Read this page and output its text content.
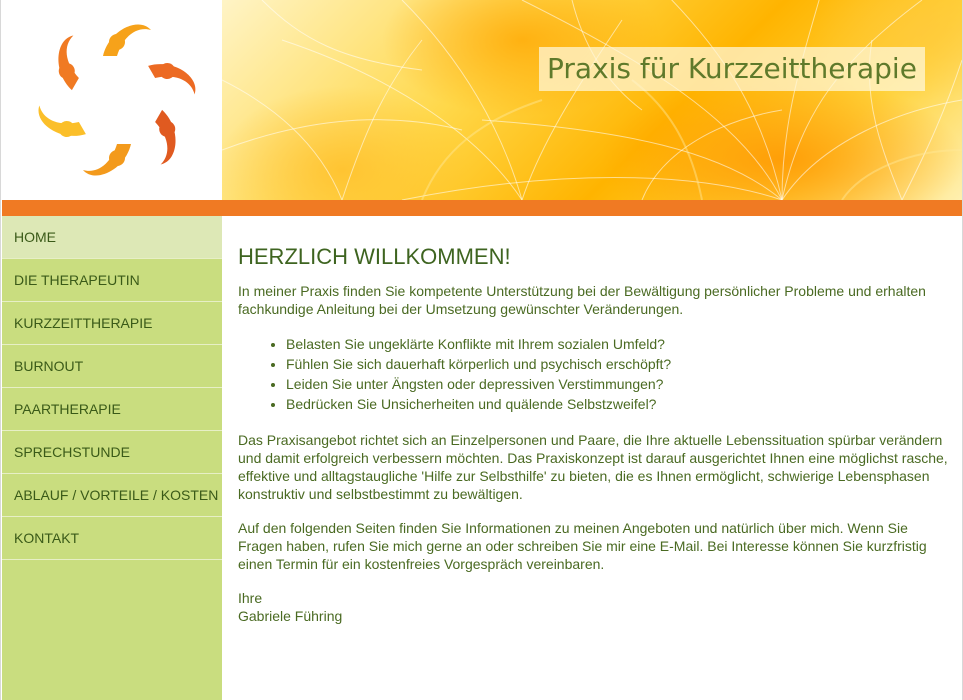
Praxis für Kurzzeittherapie
HOME
DIE THERAPEUTIN
KURZZEITTHERAPIE
BURNOUT
PAARTHERAPIE
SPRECHSTUNDE
ABLAUF / VORTEILE / KOSTEN
KONTAKT
HERZLICH WILLKOMMEN!

In meiner Praxis finden Sie kompetente Unterstützung bei der Bewältigung persönlicher Probleme und erhalten fachkundige Anleitung bei der Umsetzung gewünschter Veränderungen.

• Belasten Sie ungeklärte Konflikte mit Ihrem sozialen Umfeld?
• Fühlen Sie sich dauerhaft körperlich und psychisch erschöpft?
• Leiden Sie unter Ängsten oder depressiven Verstimmungen?
• Bedrücken Sie Unsicherheiten und quälende Selbstzweifel?

Das Praxisangebot richtet sich an Einzelpersonen und Paare, die Ihre aktuelle Lebenssituation spürbar verändern und damit erfolgreich verbessern möchten. Das Praxiskonzept ist darauf ausgerichtet Ihnen eine möglichst rasche, effektive und alltagstaugliche 'Hilfe zur Selbsthilfe' zu bieten, die es Ihnen ermöglicht, schwierige Lebensphasen konstruktiv und selbstbestimmt zu bewältigen.

Auf den folgenden Seiten finden Sie Informationen zu meinen Angeboten und natürlich über mich. Wenn Sie Fragen haben, rufen Sie mich gerne an oder schreiben Sie mir eine E-Mail. Bei Interesse können Sie kurzfristig einen Termin für ein kostenfreies Vorgespräch vereinbaren.

Ihre
Gabriele Führing
